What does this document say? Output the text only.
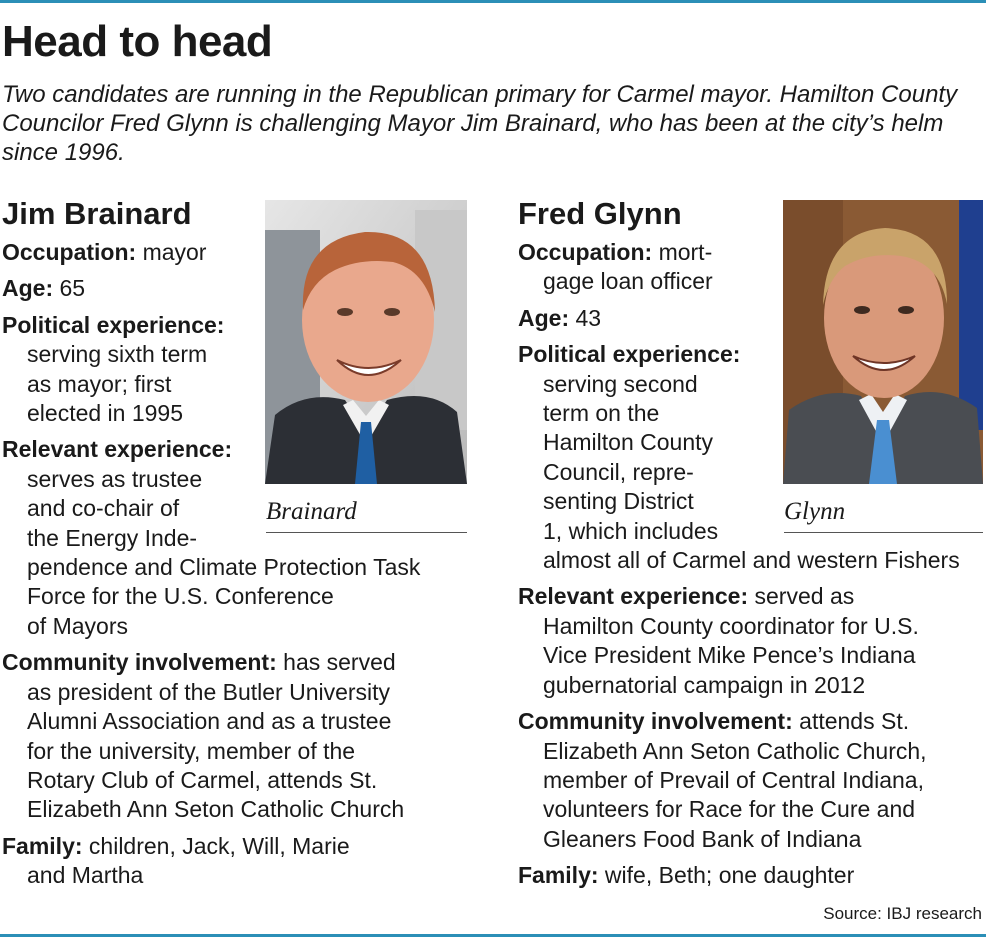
Head to head
Two candidates are running in the Republican primary for Carmel mayor. Hamilton County Councilor Fred Glynn is challenging Mayor Jim Brainard, who has been at the city’s helm since 1996.
Jim Brainard
Occupation: mayor
Age: 65
Political experience:
serving sixth term
as mayor; first
elected in 1995
Relevant experience:
serves as trustee
and co-chair of
the Energy Inde-
pendence and Climate Protection Task
Force for the U.S. Conference
of Mayors
Community involvement: has served
as president of the Butler University
Alumni Association and as a trustee
for the university, member of the
Rotary Club of Carmel, attends St.
Elizabeth Ann Seton Catholic Church
Family: children, Jack, Will, Marie
and Martha
Brainard
Fred Glynn
Occupation: mort-
gage loan officer
Age: 43
Political experience:
serving second
term on the
Hamilton County
Council, repre-
senting District
1, which includes
almost all of Carmel and western Fishers
Relevant experience: served as
Hamilton County coordinator for U.S.
Vice President Mike Pence’s Indiana
gubernatorial campaign in 2012
Community involvement: attends St.
Elizabeth Ann Seton Catholic Church,
member of Prevail of Central Indiana,
volunteers for Race for the Cure and
Gleaners Food Bank of Indiana
Family: wife, Beth; one daughter
Glynn
Source: IBJ research
